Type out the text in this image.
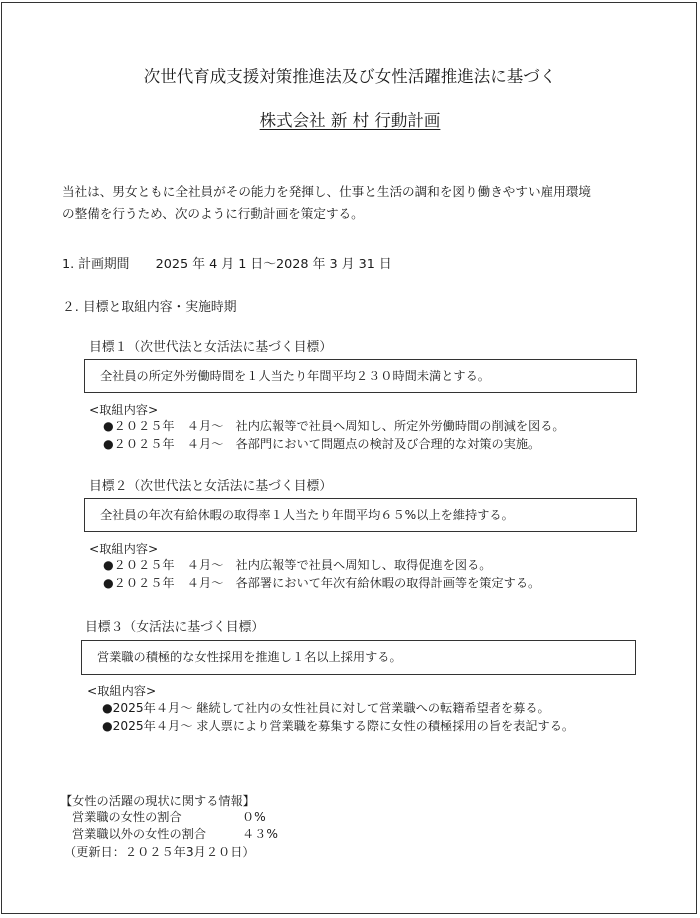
次世代育成支援対策推進法及び女性活躍推進法に基づく
株式会社 新 村 行動計画
当社は、男女ともに全社員がその能力を発揮し、仕事と生活の調和を図り働きやすい雇用環境
の整備を行うため、次のように行動計画を策定する。
1. 計画期間 2025 年 4 月 1 日～2028 年 3 月 31 日
２. 目標と取組内容・実施時期
目標１（次世代法と女活法に基づく目標）
全社員の所定外労働時間を１人当たり年間平均２３０時間未満とする。
<取組内容>
●２０２５年　４月～　社内広報等で社員へ周知し、所定外労働時間の削減を図る。
●２０２５年　４月～　各部門において問題点の検討及び合理的な対策の実施。
目標２（次世代法と女活法に基づく目標）
全社員の年次有給休暇の取得率１人当たり年間平均６５%以上を維持する。
<取組内容>
●２０２５年　４月～　社内広報等で社員へ周知し、取得促進を図る。
●２０２５年　４月～　各部署において年次有給休暇の取得計画等を策定する。
目標３（女活法に基づく目標）
営業職の積極的な女性採用を推進し１名以上採用する。
<取組内容>
●2025年４月～ 継続して社内の女性社員に対して営業職への転籍希望者を募る。
●2025年４月～ 求人票により営業職を募集する際に女性の積極採用の旨を表記する。
【女性の活躍の現状に関する情報】
営業職の女性の割合	０%
営業職以外の女性の割合	４３%
（更新日：２０２５年3月２０日）
